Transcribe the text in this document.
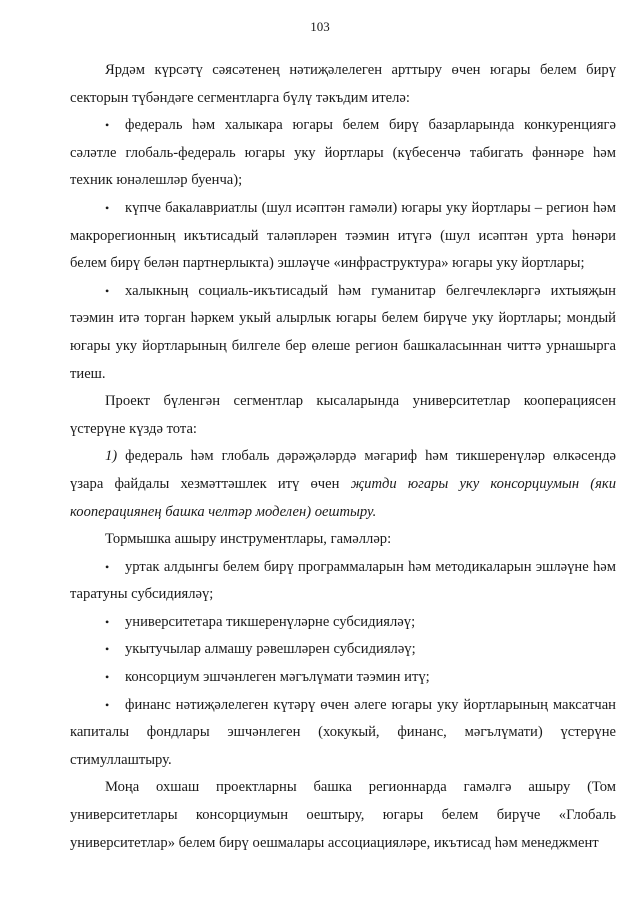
103

Ярдәм күрсәтү сәясәтенең нәтиҗәлелеген арттыру өчен югары белем бирү секторын түбәндәге сегментларга бүлү тәкъдим ителә:

• федераль һәм халыкара югары белем бирү базарларында конкуренциягә сәләтле глобаль-федераль югары уку йортлары (күбесенчә табигать фәннәре һәм техник юнәлешләр буенча);

• күпче бакалавриатлы (шул исәптән гамәли) югары уку йортлары – регион һәм макрорегионның икътисадый таләпләрен тәэмин итүгә (шул исәптән урта һөнәри белем бирү белән партнерлыкта) эшләүче «инфраструктура» югары уку йортлары;

• халыкның социаль-икътисадый һәм гуманитар белгечлекләргә ихтыяҗын тәэмин итә торган һәркем укый алырлык югары белем бирүче уку йортлары; мондый югары уку йортларының билгеле бер өлеше регион башкаласыннан читтә урнашырга тиеш.

Проект бүленгән сегментлар кысаларында университетлар кооперациясен үстерүне күздә тота:

1) федераль һәм глобаль дәрәҗәләрдә мәгариф һәм тикшеренүләр өлкәсендә үзара файдалы хезмәттәшлек итү өчен җитди югары уку консорциумын (яки кооперациянең башка челтәр моделен) оештыру.

Тормышка ашыру инструментлары, гамәлләр:

• уртак алдынгы белем бирү программаларын һәм методикаларын эшләүне һәм таратуны субсидияләү;

• университетара тикшеренүләрне субсидияләү;

• укытучылар алмашу рәвешләрен субсидияләү;

• консорциум эшчәнлеген мәгълүмати тәэмин итү;

• финанс нәтиҗәлелеген күтәрү өчен әлеге югары уку йортларының максатчан капиталы фондлары эшчәнлеген (хокукый, финанс, мәгълүмати) үстерүне стимуллаштыру.

Моңа охшаш проектларны башка регионнарда гамәлгә ашыру (Том университетлары консорциумын оештыру, югары белем бирүче «Глобаль университетлар» белем бирү оешмалары ассоциацияләре, икътисад һәм менеджмент
